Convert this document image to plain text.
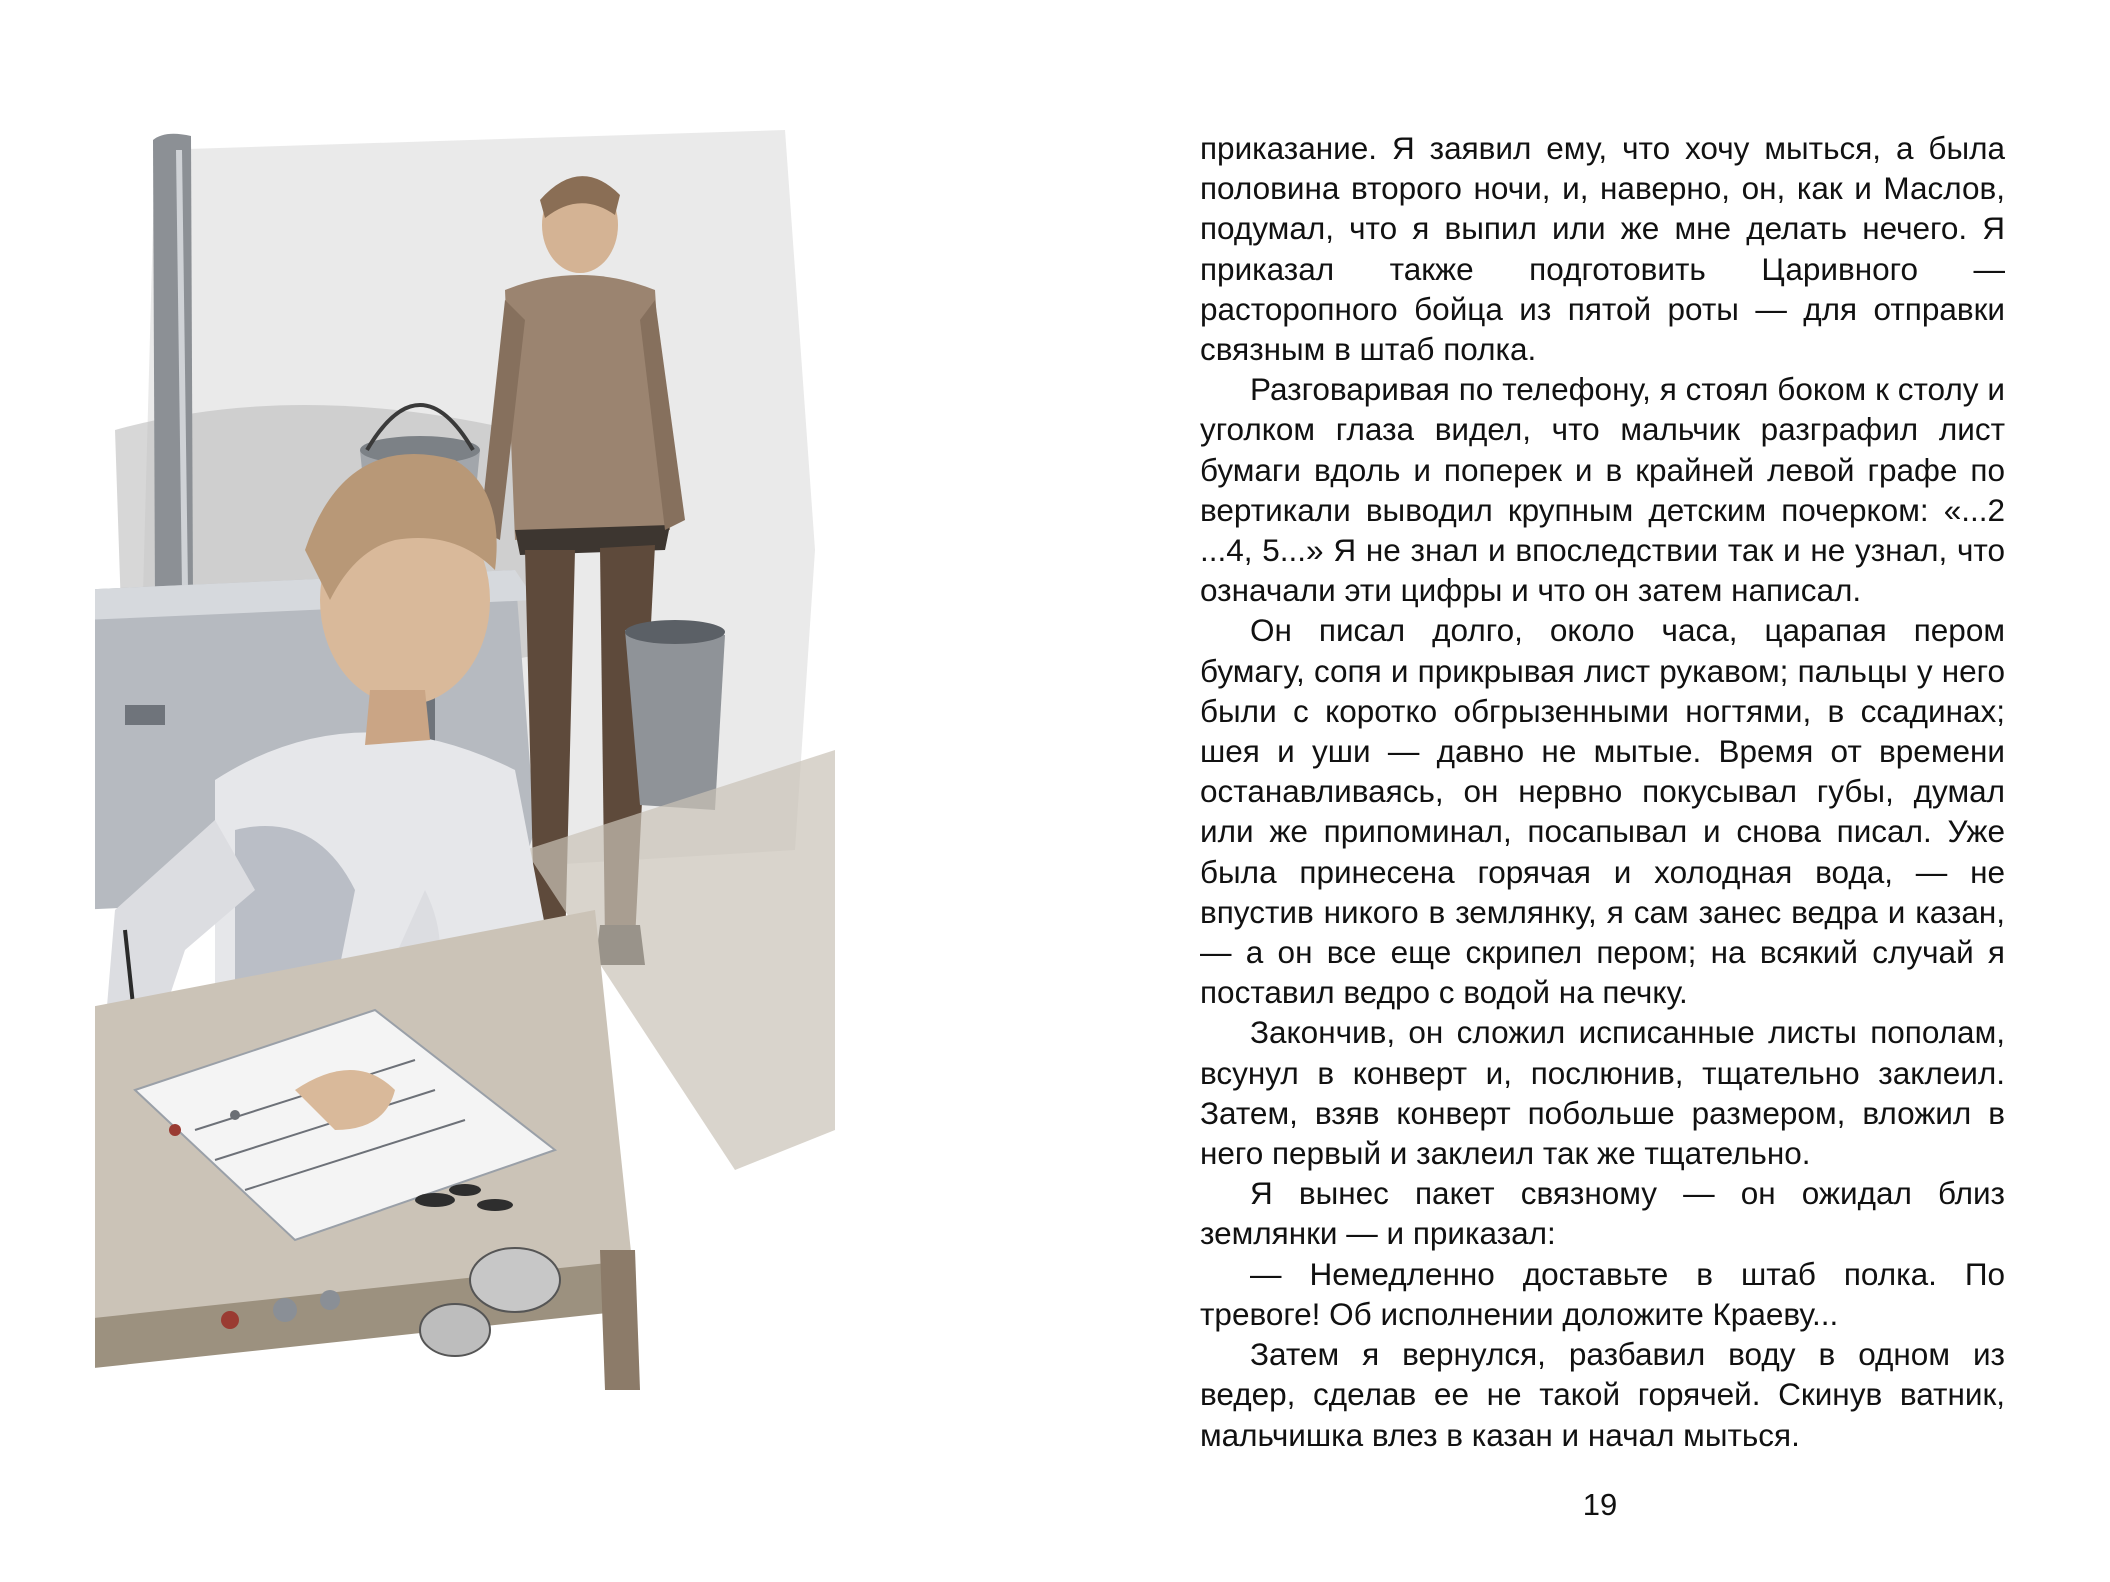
приказание. Я заявил ему, что хочу мыться, а была половина второго ночи, и, наверно, он, как и Маслов, подумал, что я выпил или же мне делать нечего. Я приказал также подготовить Царивного — расторопного бойца из пятой роты — для отправки связным в штаб полка.

Разговаривая по телефону, я стоял боком к столу и уголком глаза видел, что мальчик разграфил лист бумаги вдоль и поперек и в крайней левой графе по вертикали выводил крупным детским почерком: «...2 ...4, 5...» Я не знал и впоследствии так и не узнал, что означали эти цифры и что он затем написал.

Он писал долго, около часа, царапая пером бумагу, сопя и прикрывая лист рукавом; пальцы у него были с коротко обгрызенными ногтями, в ссадинах; шея и уши — давно не мытые. Время от времени останавливаясь, он нервно покусывал губы, думал или же припоминал, посапывал и снова писал. Уже была принесена горячая и холодная вода, — не впустив никого в землянку, я сам занес ведра и казан, — а он все еще скрипел пером; на всякий случай я поставил ведро с водой на печку.

Закончив, он сложил исписанные листы пополам, всунул в конверт и, послюнив, тщательно заклеил. Затем, взяв конверт побольше размером, вложил в него первый и заклеил так же тщательно.

Я вынес пакет связному — он ожидал близ землянки — и приказал:

— Немедленно доставьте в штаб полка. По тревоге! Об исполнении доложите Краеву...

Затем я вернулся, разбавил воду в одном из ведер, сделав ее не такой горячей. Скинув ватник, мальчишка влез в казан и начал мыться.

19
